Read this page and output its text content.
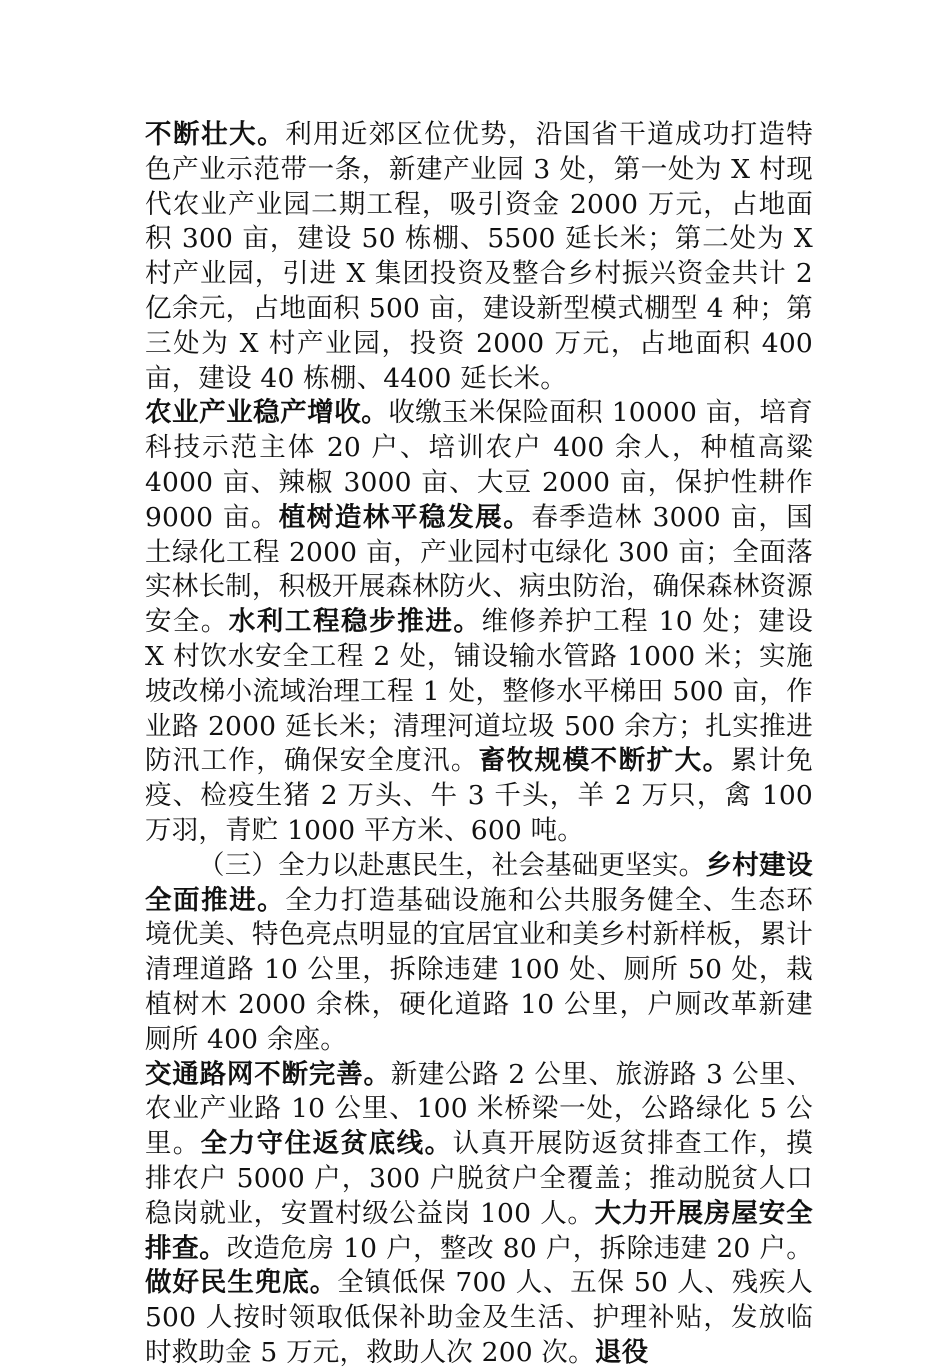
不断壮大。利用近郊区位优势，沿国省干道成功打造特色产业示范带一条，新建产业园 3 处，第一处为 X 村现代农业产业园二期工程，吸引资金 2000 万元，占地面积 300 亩，建设 50 栋棚、5500 延长米；第二处为 X 村产业园，引进 X 集团投资及整合乡村振兴资金共计 2 亿余元，占地面积 500 亩，建设新型模式棚型 4 种；第三处为 X 村产业园，投资 2000 万元，占地面积 400 亩，建设 40 栋棚、4400 延长米。

农业产业稳产增收。收缴玉米保险面积 10000 亩，培育科技示范主体 20 户、培训农户 400 余人，种植高粱 4000 亩、辣椒 3000 亩、大豆 2000 亩，保护性耕作 9000 亩。植树造林平稳发展。春季造林 3000 亩，国土绿化工程 2000 亩，产业园村屯绿化 300 亩；全面落实林长制，积极开展森林防火、病虫防治，确保森林资源安全。水利工程稳步推进。维修养护工程 10 处；建设 X 村饮水安全工程 2 处，铺设输水管路 1000 米；实施坡改梯小流域治理工程 1 处，整修水平梯田 500 亩，作业路 2000 延长米；清理河道垃圾 500 余方；扎实推进防汛工作，确保安全度汛。畜牧规模不断扩大。累计免疫、检疫生猪 2 万头、牛 3 千头，羊 2 万只，禽 100 万羽，青贮 1000 平方米、600 吨。

（三）全力以赴惠民生，社会基础更坚实。乡村建设全面推进。全力打造基础设施和公共服务健全、生态环境优美、特色亮点明显的宜居宜业和美乡村新样板，累计清理道路 10 公里，拆除违建 100 处、厕所 50 处，栽植树木 2000 余株，硬化道路 10 公里，户厕改革新建厕所 400 余座。

交通路网不断完善。新建公路 2 公里、旅游路 3 公里、农业产业路 10 公里、100 米桥梁一处，公路绿化 5 公里。全力守住返贫底线。认真开展防返贫排查工作，摸排农户 5000 户，300 户脱贫户全覆盖；推动脱贫人口稳岗就业，安置村级公益岗 100 人。大力开展房屋安全排查。改造危房 10 户，整改 80 户，拆除违建 20 户。做好民生兜底。全镇低保 700 人、五保 50 人、残疾人 500 人按时领取低保补助金及生活、护理补贴，发放临时救助金 5 万元，救助人次 200 次。退役
